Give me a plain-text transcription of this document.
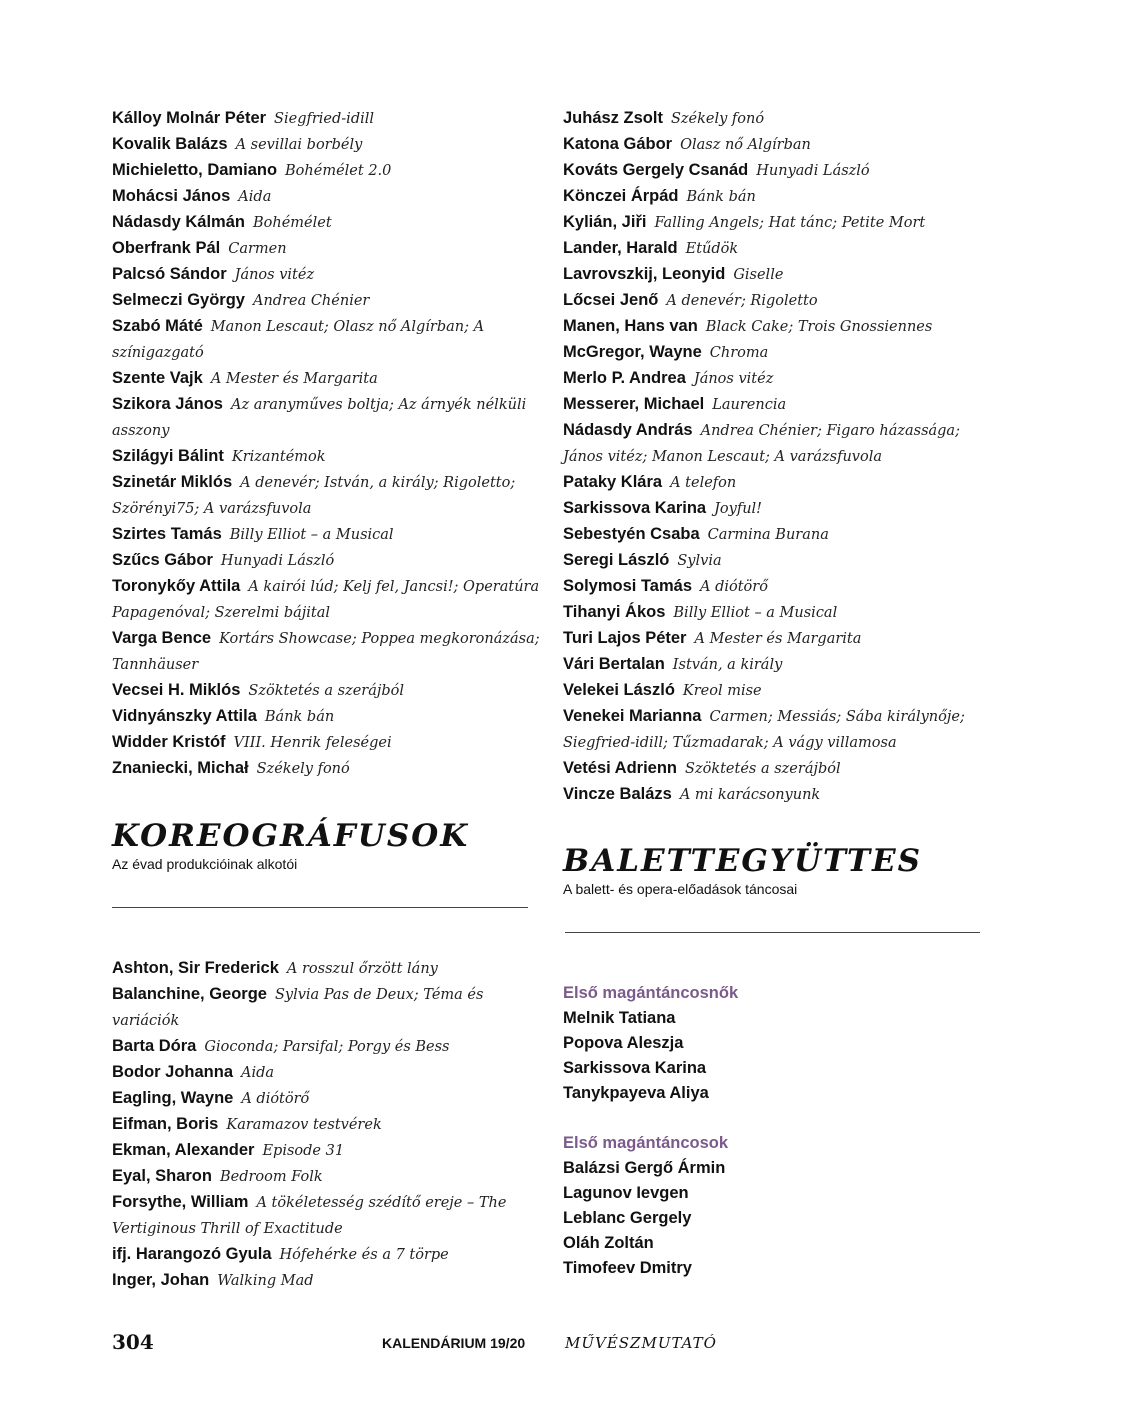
Kálloy Molnár Péter Siegfried-idill

Kovalik Balázs A sevillai borbély

Michieletto, Damiano Bohémélet 2.0

Mohácsi János Aida

Nádasdy Kálmán Bohémélet

Oberfrank Pál Carmen

Palcsó Sándor János vitéz

Selmeczi György Andrea Chénier

Szabó Máté Manon Lescaut; Olasz nő Algírban; A színigazgató

Szente Vajk A Mester és Margarita

Szikora János Az aranyműves boltja; Az árnyék nélküli asszony

Szilágyi Bálint Krizantémok

Szinetár Miklós A denevér; István, a király; Rigoletto; Szörényi75; A varázsfuvola

Szirtes Tamás Billy Elliot – a Musical

Szűcs Gábor Hunyadi László

Toronykőy Attila A kairói lúd; Kelj fel, Jancsi!; Operatúra Papagenóval; Szerelmi bájital

Varga Bence Kortárs Showcase; Poppea megkoronázása; Tannhäuser

Vecsei H. Miklós Szöktetés a szerájból

Vidnyánszky Attila Bánk bán

Widder Kristóf VIII. Henrik feleségei

Znaniecki, Michał Székely fonó

Juhász Zsolt Székely fonó

Katona Gábor Olasz nő Algírban

Kováts Gergely Csanád Hunyadi László

Könczei Árpád Bánk bán

Kylián, Jiři Falling Angels; Hat tánc; Petite Mort

Lander, Harald Etűdök

Lavrovszkij, Leonyid Giselle

Lőcsei Jenő A denevér; Rigoletto

Manen, Hans van Black Cake; Trois Gnossiennes

McGregor, Wayne Chroma

Merlo P. Andrea János vitéz

Messerer, Michael Laurencia

Nádasdy András Andrea Chénier; Figaro házassága; János vitéz; Manon Lescaut; A varázsfuvola

Pataky Klára A telefon

Sarkissova Karina Joyful!

Sebestyén Csaba Carmina Burana

Seregi László Sylvia

Solymosi Tamás A diótörő

Tihanyi Ákos Billy Elliot – a Musical

Turi Lajos Péter A Mester és Margarita

Vári Bertalan István, a király

Velekei László Kreol mise

Venekei Marianna Carmen; Messiás; Sába királynője; Siegfried-idill; Tűzmadarak; A vágy villamosa

Vetési Adrienn Szöktetés a szerájból

Vincze Balázs A mi karácsonyunk

KOREOGRÁFUSOK

Az évad produkcióinak alkotói	BALETTEGYÜTTES

A balett- és opera-előadások táncosai

Ashton, Sir Frederick A rosszul őrzött lány

Balanchine, George Sylvia Pas de Deux; Téma és variációk

Barta Dóra Gioconda; Parsifal; Porgy és Bess

Bodor Johanna Aida

Eagling, Wayne A diótörő

Eifman, Boris Karamazov testvérek

Ekman, Alexander Episode 31

Eyal, Sharon Bedroom Folk

Forsythe, William A tökéletesség szédítő ereje – The Vertiginous Thrill of Exactitude

ifj. Harangozó Gyula Hófehérke és a 7 törpe

Inger, Johan Walking Mad

Első magántáncosnők

Melnik Tatiana

Popova Aleszja

Sarkissova Karina

Tanykpayeva Aliya

Első magántáncosok

Balázsi Gergő Ármin

Lagunov Ievgen

Leblanc Gergely

Oláh Zoltán

Timofeev Dmitry

304	KALENDÁRIUM 19/20	MŰVÉSZMUTATÓ
